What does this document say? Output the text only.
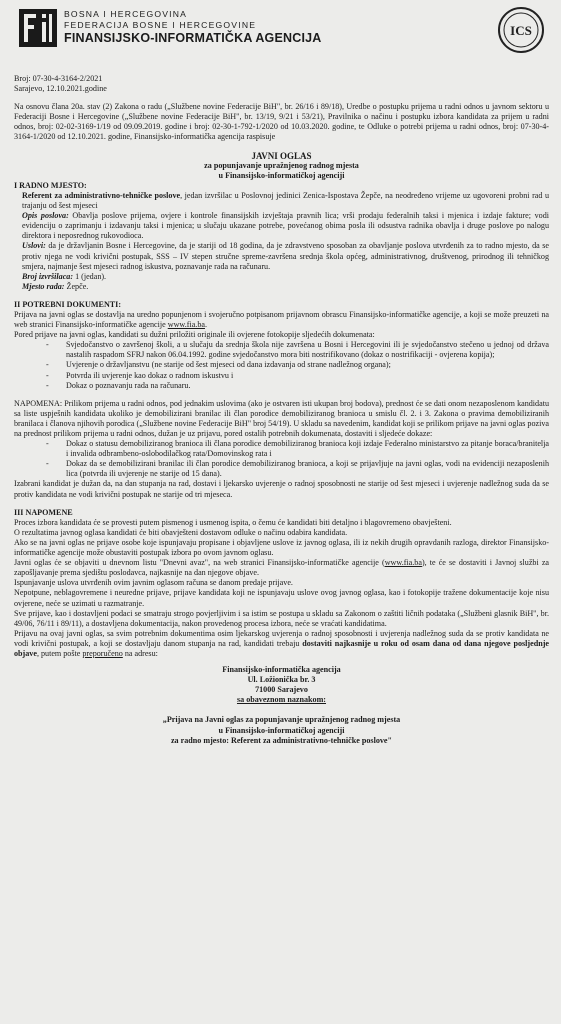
BOSNA I HERCEGOVINA
FEDERACIJA BOSNE I HERCEGOVINE
FINANSIJSKO-INFORMATIČKA AGENCIJA	ICS
Broj: 07-30-4-3164-2/2021
Sarajevo, 12.10.2021.godine
Na osnovu člana 20a. stav (2) Zakona o radu („Službene novine Federacije BiH", br. 26/16 i 89/18), Uredbe o postupku prijema u radni odnos u javnom sektoru u Federaciji Bosne i Hercegovine („Službene novine Federacije BiH", br. 13/19, 9/21 i 53/21), Pravilnika o načinu i postupku izbora kandidata za prijem u radni odnos, broj: 02-02-3169-1/19 od 09.09.2019. godine i broj: 02-30-1-792-1/2020 od 10.03.2020. godine, te Odluke o potrebi prijema u radni odnos, broj: 07-30-4-3164-1/2020 od 12.10.2021. godine, Finansijsko-informatička agencija raspisuje
JAVNI OGLAS
za popunjavanje upražnjenog radnog mjesta
u Finansijsko-informatičkoj agenciji
I RADNO MJESTO:
Referent za administrativno-tehničke poslove, jedan izvršilac u Poslovnoj jedinici Zenica-Ispostava Žepče, na neodređeno vrijeme uz ugovoreni probni rad u trajanju od šest mjeseci
Opis poslova: Obavlja poslove prijema, ovjere i kontrole finansijskih izvještaja pravnih lica; vrši prodaju federalnih taksi i mjenica i izdaje fakture; vodi evidenciju o zaprimanju i izdavanju taksi i mjenica; u slučaju ukazane potrebe, povećanog obima posla ili odsustva radnika obavlja i druge poslove po nalogu direktora i neposrednog rukovodioca.
Uslovi: da je državljanin Bosne i Hercegovine, da je stariji od 18 godina, da je zdravstveno sposoban za obavljanje poslova utvrđenih za to radno mjesto, da se protiv njega ne vodi krivični postupak, SSS – IV stepen stručne spreme-završena srednja škola općeg, administrativnog, društvenog, prirodnog ili tehničkog smjera, najmanje šest mjeseci radnog iskustva, poznavanje rada na računaru.
Broj izvršilaca: 1 (jedan).
Mjesto rada: Žepče.
II POTREBNI DOKUMENTI:
Prijava na javni oglas se dostavlja na uredno popunjenom i svojeručno potpisanom prijavnom obrascu Finansijsko-informatičke agencije, a koji se može preuzeti na web stranici Finansijsko-informatičke agencije www.fia.ba.
Pored prijave na javni oglas, kandidati su dužni priložiti originale ili ovjerene fotokopije sljedećih dokumenata:
- Svjedočanstvo o završenoj školi, a u slučaju da srednja škola nije završena u Bosni i Hercegovini ili je svjedočanstvo stečeno u jednoj od država nastalih raspadom SFRJ nakon 06.04.1992. godine svjedočanstvo mora biti nostrifikovano (dokaz o nostrifikaciji - ovjerena kopija);
- Uvjerenje o državljanstvu (ne starije od šest mjeseci od dana izdavanja od strane nadležnog organa);
- Potvrda ili uvjerenje kao dokaz o radnom iskustvu i
- Dokaz o poznavanju rada na računaru.
NAPOMENA: Prilikom prijema u radni odnos, pod jednakim uslovima (ako je ostvaren isti ukupan broj bodova), prednost će se dati onom nezaposlenom kandidatu sa liste uspješnih kandidata ukoliko je demobilizirani branilac ili član porodice demobiliziranog branioca u smislu čl. 2. i 3. Zakona o pravima demobiliziranih branilaca i članova njihovih porodica („Službene novine Federacije BiH" broj 54/19). U skladu sa navedenim, kandidat koji se prilikom prijave na javni oglas poziva na prednost prilikom prijema u radni odnos, dužan je uz prijavu, pored ostalih potrebnih dokumenata, dostaviti i sljedeće dokaze:
- Dokaz o statusu demobiliziranog branioca ili člana porodice demobiliziranog branioca koji izdaje Federalno ministarstvo za pitanje boraca/branitelja i invalida odbrambeno-oslobodilačkog rata/Domovinskog rata i
- Dokaz da se demobilizirani branilac ili član porodice demobiliziranog branioca, a koji se prijavljuje na javni oglas, vodi na evidenciji nezaposlenih lica (potvrda ili uvjerenje ne starije od 15 dana).
Izabrani kandidat je dužan da, na dan stupanja na rad, dostavi i ljekarsko uvjerenje o radnoj sposobnosti ne starije od šest mjeseci i uvjerenje nadležnog suda da se protiv kandidata ne vodi krivični postupak ne starije od tri mjeseca.
III NAPOMENE
Proces izbora kandidata će se provesti putem pismenog i usmenog ispita, o čemu će kandidati biti detaljno i blagovremeno obavješteni.
O rezultatima javnog oglasa kandidati će biti obavješteni dostavom odluke o načinu odabira kandidata.
Ako se na javni oglas ne prijave osobe koje ispunjavaju propisane i objavljene uslove iz javnog oglasa, ili iz nekih drugih opravdanih razloga, direktor Finansijsko-informatičke agencije može obustaviti postupak izbora po ovom javnom oglasu.
Javni oglas će se objaviti u dnevnom listu "Dnevni avaz", na web stranici Finansijsko-informatičke agencije (www.fia.ba), te će se dostaviti i Javnoj službi za zapošljavanje prema sjedištu poslodavca, najkasnije na dan njegove objave.
Ispunjavanje uslova utvrđenih ovim javnim oglasom računa se danom predaje prijave.
Nepotpune, neblagovremene i neuredne prijave, prijave kandidata koji ne ispunjavaju uslove ovog javnog oglasa, kao i fotokopije tražene dokumentacije koje nisu ovjerene, neće se uzimati u razmatranje.
Sve prijave, kao i dostavljeni podaci se smatraju strogo povjerljivim i sa istim se postupa u skladu sa Zakonom o zaštiti ličnih podataka („Službeni glasnik BiH", br. 49/06, 76/11 i 89/11), a dostavljena dokumentacija, nakon provedenog procesa izbora, neće se vraćati kandidatima.
Prijavu na ovaj javni oglas, sa svim potrebnim dokumentima osim ljekarskog uvjerenja o radnoj sposobnosti i uvjerenja nadležnog suda da se protiv kandidata ne vodi krivični postupak, a koji se dostavljaju danom stupanja na rad, kandidati trebaju dostaviti najkasnije u roku od osam dana od dana njegove posljednje objave, putem pošte preporučeno na adresu:
Finansijsko-informatička agencija
Ul. Ložionička br. 3
71000 Sarajevo
sa obaveznom naznakom:
„Prijava na Javni oglas za popunjavanje upražnjenog radnog mjesta
u Finansijsko-informatičkoj agenciji
za radno mjesto: Referent za administrativno-tehničke poslove"
